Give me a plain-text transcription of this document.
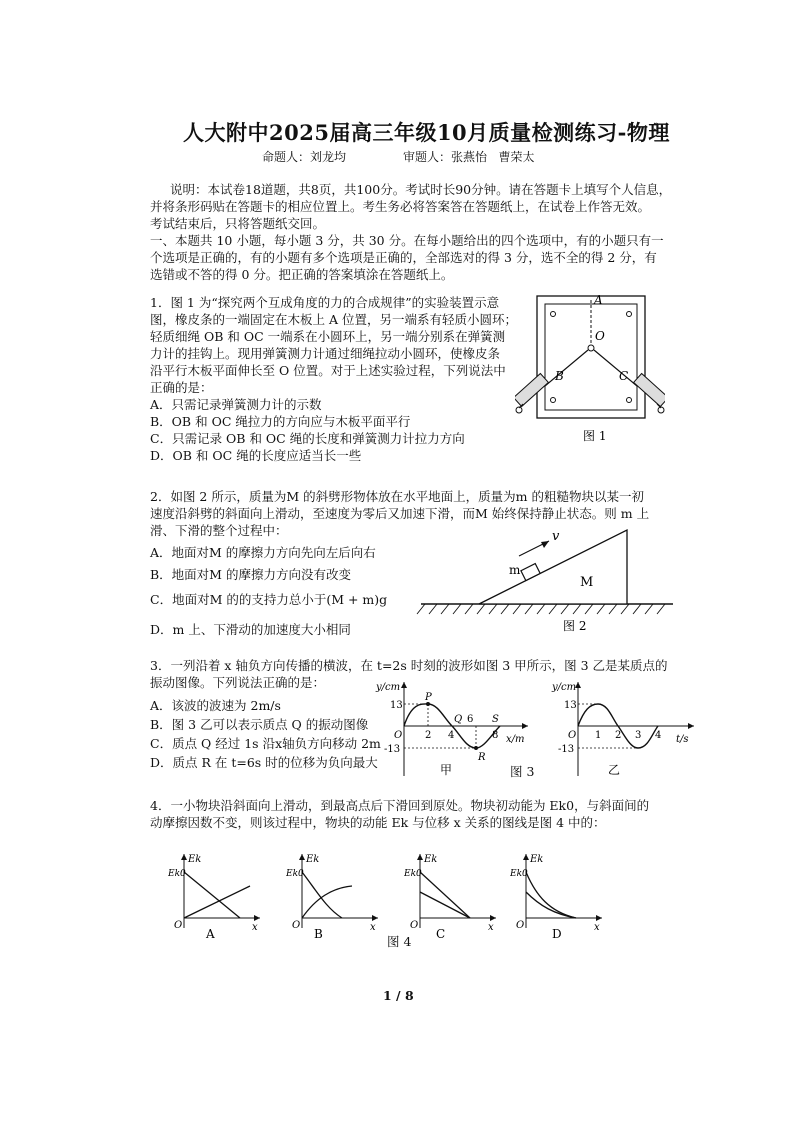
人大附中2025届高三年级10月质量检测练习-物理
命题人：刘龙均	审题人：张燕怡   曹荣太
说明：本试卷18道题，共8页，共100分。考试时长90分钟。请在答题卡上填写个人信息，
并将条形码贴在答题卡的相应位置上。考生务必将答案答在答题纸上，在试卷上作答无效。
考试结束后，只将答题纸交回。
一、本题共 10 小题，每小题 3 分，共 30 分。在每小题给出的四个选项中，有的小题只有一
个选项是正确的，有的小题有多个选项是正确的，全部选对的得 3 分，选不全的得 2 分，有
选错或不答的得 0 分。把正确的答案填涂在答题纸上。
1．图 1 为“探究两个互成角度的力的合成规律”的实验装置示意
图，橡皮条的一端固定在木板上 A 位置，另一端系有轻质小圆环；
轻质细绳 OB 和 OC 一端系在小圆环上，另一端分别系在弹簧测
力计的挂钩上。现用弹簧测力计通过细绳拉动小圆环，使橡皮条
沿平行木板平面伸长至 O 位置。对于上述实验过程，下列说法中
正确的是：
A．只需记录弹簧测力计的示数
B．OB 和 OC 绳拉力的方向应与木板平面平行
C．只需记录 OB 和 OC 绳的长度和弹簧测力计拉力方向
D．OB 和 OC 绳的长度应适当长一些
A
O
B	C
图 1
2．如图 2 所示，质量为M 的斜劈形物体放在水平地面上，质量为m 的粗糙物块以某一初
速度沿斜劈的斜面向上滑动，至速度为零后又加速下滑，而M 始终保持静止状态。则 m 上
滑、下滑的整个过程中：
A．地面对M 的摩擦力方向先向左后向右
B．地面对M 的摩擦力方向没有改变
C．地面对M 的的支持力总小于(M + m)g
D．m 上、下滑动的加速度大小相同
v
m
M
图 2
3．一列沿着 x 轴负方向传播的横波，在 t=2s 时刻的波形如图 3 甲所示，图 3 乙是某质点的
振动图像。下列说法正确的是：
A．该波的波速为 2m/s
B．图 3 乙可以表示质点 Q 的振动图像
C．质点 Q 经过 1s 沿x轴负方向移动 2m
D．质点 R 在 t=6s 时的位移为负向最大
y/cm
x/m
13
-13
O 2 4
6
8
P
Q
R
S
甲	图 3
y/cm
t/s
13
-13
O 1 2 3 4
乙
4．一小物块沿斜面向上滑动，到最高点后下滑回到原处。物块初动能为 Ek0，与斜面间的
动摩擦因数不变，则该过程中，物块的动能 Ek 与位移 x 关系的图线是图 4 中的：
Ek
Ek0
x
O
A
Ek
Ek0
x
O
B
Ek
Ek0
x
O
C
Ek
Ek0
x
O
D
图 4
1 / 8
